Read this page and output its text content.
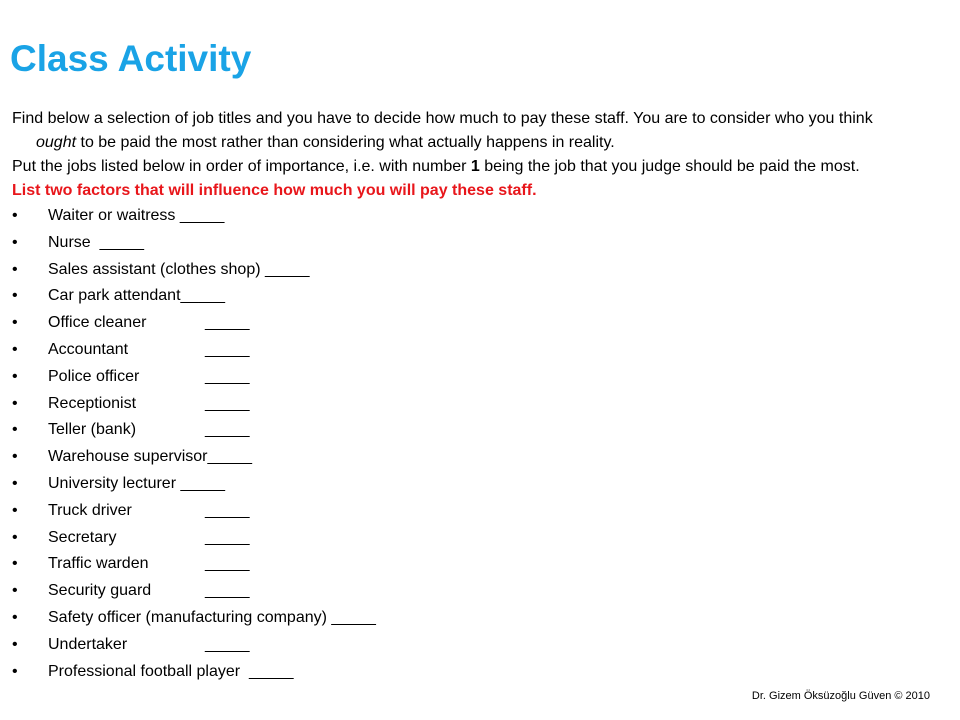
Class Activity

Find below a selection of job titles and you have to decide how much to pay these staff. You are to consider who you think ought to be paid the most rather than considering what actually happens in reality.

Put the jobs listed below in order of importance, i.e. with number 1 being the job that you judge should be paid the most.

List two factors that will influence how much you will pay these staff.

• Waiter or waitress _____
• Nurse  _____
• Sales assistant (clothes shop) _____
• Car park attendant_____
• Office cleaner	_____
• Accountant	_____
• Police officer	_____
• Receptionist	_____
• Teller (bank)	_____
• Warehouse supervisor_____
• University lecturer _____
• Truck driver	_____
• Secretary	_____
• Traffic warden	_____
• Security guard	_____
• Safety officer (manufacturing company) _____
• Undertaker	_____
• Professional football player  _____
Dr. Gizem Öksüzoğlu Güven © 2010
